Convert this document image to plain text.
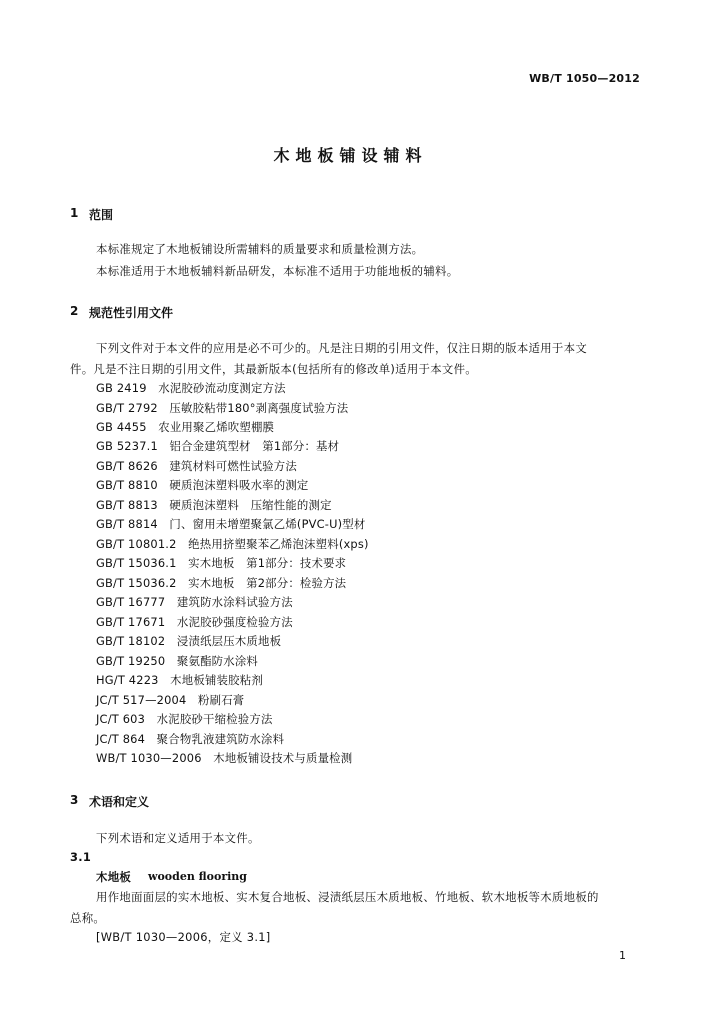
WB/T 1050—2012
木地板铺设辅料
1 范围
本标准规定了木地板铺设所需辅料的质量要求和质量检测方法。
本标准适用于木地板辅料新品研发，本标准不适用于功能地板的辅料。
2 规范性引用文件
下列文件对于本文件的应用是必不可少的。凡是注日期的引用文件，仅注日期的版本适用于本文
件。凡是不注日期的引用文件，其最新版本(包括所有的修改单)适用于本文件。
GB 2419　水泥胶砂流动度测定方法
GB/T 2792　压敏胶粘带180°剥离强度试验方法
GB 4455　农业用聚乙烯吹塑棚膜
GB 5237.1　铝合金建筑型材　第1部分：基材
GB/T 8626　建筑材料可燃性试验方法
GB/T 8810　硬质泡沫塑料吸水率的测定
GB/T 8813　硬质泡沫塑料　压缩性能的测定
GB/T 8814　门、窗用未增塑聚氯乙烯(PVC-U)型材
GB/T 10801.2　绝热用挤塑聚苯乙烯泡沫塑料(xps)
GB/T 15036.1　实木地板　第1部分：技术要求
GB/T 15036.2　实木地板　第2部分：检验方法
GB/T 16777　建筑防水涂料试验方法
GB/T 17671　水泥胶砂强度检验方法
GB/T 18102　浸渍纸层压木质地板
GB/T 19250　聚氨酯防水涂料
HG/T 4223　木地板铺装胶粘剂
JC/T 517—2004　粉刷石膏
JC/T 603　水泥胶砂干缩检验方法
JC/T 864　聚合物乳液建筑防水涂料
WB/T 1030—2006　木地板铺设技术与质量检测
3 术语和定义
下列术语和定义适用于本文件。
3.1
木地板 wooden flooring
用作地面面层的实木地板、实木复合地板、浸渍纸层压木质地板、竹地板、软木地板等木质地板的
总称。
[WB/T 1030—2006，定义 3.1]
1
